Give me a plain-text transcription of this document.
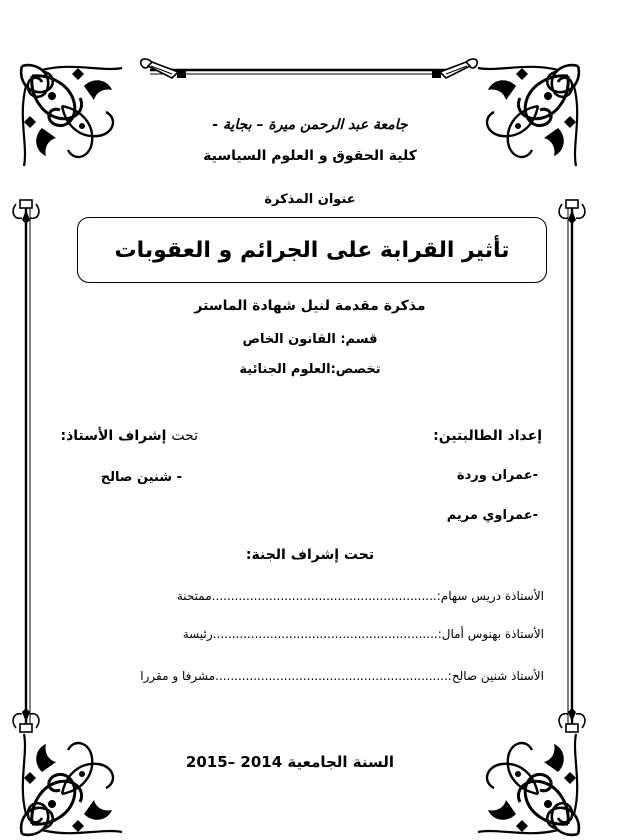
جامعة عبد الرحمن ميرة – بجاية -
كلية الحقوق و العلوم السياسية
عنوان المذكرة
تأثير القرابة على الجرائم و العقوبات
مذكرة مقدمة لنيل شهادة الماستر
قسم: القانون الخاص
تخصص:العلوم الجنائية
إعداد الطالبتين:
-عمران وردة
-عمراوي مريم
تحت إشراف الأستاذ:
- شنين صالح
تحت إشراف الجنة:
الأستاذة دريس سهام:...........................................................ممتحنة
الأستاذة بهنوس أمال:...........................................................رئيسة
الأستاذ شنين صالح:.............................................................مشرفا و مقررا
السنة الجامعية 2014 –2015
